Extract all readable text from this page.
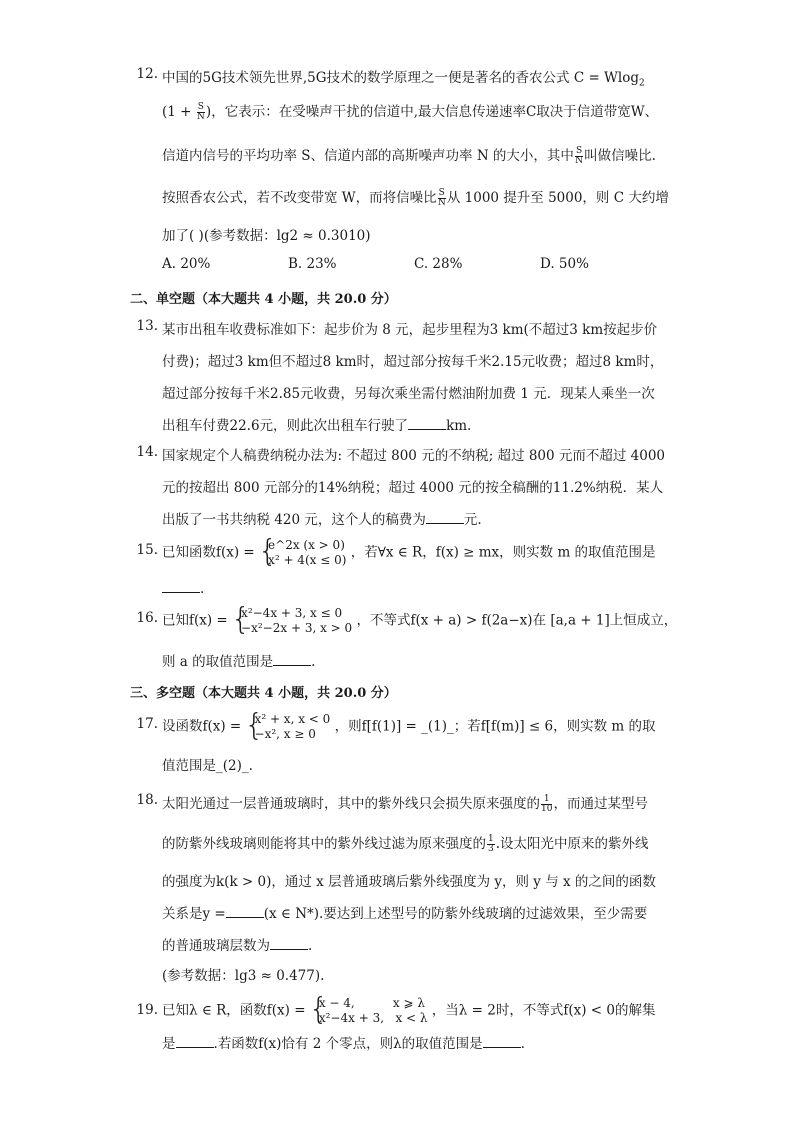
12. 中国的5G技术领先世界,5G技术的数学原理之一便是著名的香农公式 C = Wlog$_2$
($1 + \frac{S}{N}$ )，它表示：在受噪声干扰的信道中,最大信息传递速率C取决于信道带宽W、
信道内信号的平均功率 S、信道内部的高斯噪声功率 N 的大小，其中 $\frac{S}{N}$ 叫做信噪比.
按照香农公式，若不改变带宽 W，而将信噪比 $\frac{S}{N}$ 从 1000 提升至 5000，则 C 大约增
加了( )(参考数据：lg2 ≈ 0.3010)
A. 20%	B. 23%	C. 28%	D. 50%
二、单空题（本大题共 4 小题，共 20.0 分）
13. 某市出租车收费标准如下：起步价为 8 元，起步里程为3 km(不超过3 km按起步价
付费)；超过3 km但不超过8 km时，超过部分按每千米2.15元收费；超过8 km时，
超过部分按每千米2.85元收费，另每次乘坐需付燃油附加费 1 元．现某人乘坐一次
出租车付费22.6元，则此次出租车行驶了	km.
14. 国家规定个人稿费纳税办法为: 不超过 800 元的不纳税; 超过 800 元而不超过 4000
元的按超出 800 元部分的14%纳税；超过 4000 元的按全稿酬的11.2%纳税．某人
出版了一书共纳税 420 元，这个人的稿费为	元.
15. 已知函数f(x) = { e^2x (x > 0)
x² + 4(x ≤ 0) ，若∀x ∈ R，f(x) ≥ mx，则实数 m 的取值范围是
.
16. 已知f(x) = { x²−4x + 3, x ≤ 0
−x²−2x + 3, x > 0 ，不等式f(x + a) > f(2a−x)在 [a,a + 1]上恒成立，
则 a 的取值范围是	.
三、多空题（本大题共 4 小题，共 20.0 分）
17. 设函数f(x) = { x² + x, x < 0
−x², x ≥ 0	，则f[f(1)] = _(1)_；若f[f(m)] ≤ 6，则实数 m 的取
值范围是_(2)_.
18. 太阳光通过一层普通玻璃时，其中的紫外线只会损失原来强度的 $\frac{1}{10}$ ，而通过某型号
的防紫外线玻璃则能将其中的紫外线过滤为原来强度的 $\frac{1}{3}$ .设太阳光中原来的紫外线
的强度为k(k > 0)，通过 x 层普通玻璃后紫外线强度为 y，则 y 与 x 的之间的函数
关系是y =	(x ∈ N*).要达到上述型号的防紫外线玻璃的过滤效果，至少需要
的普通玻璃层数为	.
(参考数据：lg3 ≈ 0.477).
19. 已知λ ∈ R，函数f(x) = { x − 4,          x ⩾ λ
x²−4x + 3,   x < λ ，当λ = 2时，不等式f(x) < 0的解集
是	.若函数f(x)恰有 2 个零点，则λ的取值范围是	.
